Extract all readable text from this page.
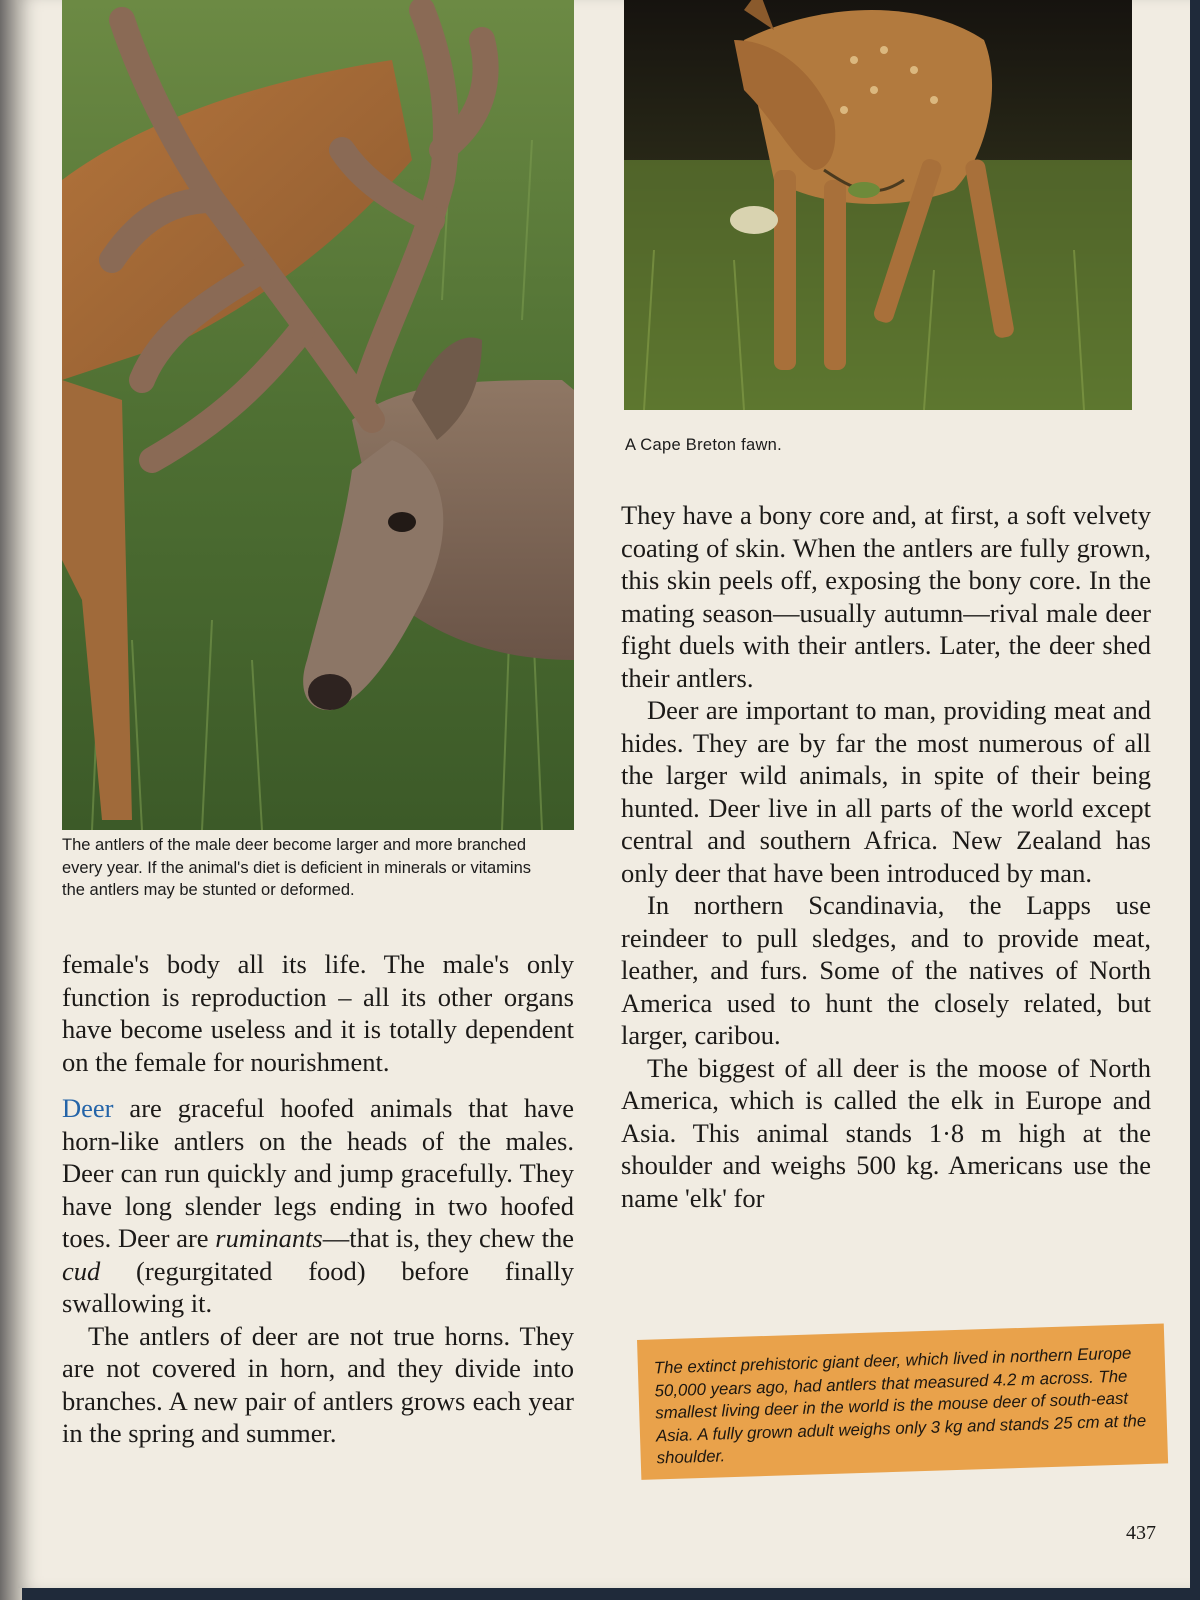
The antlers of the male deer become larger and more branched every year. If the animal's diet is deficient in minerals or vitamins the antlers may be stunted or deformed.
A Cape Breton fawn.

female's body all its life. The male's only function is reproduction – all its other organs have become useless and it is totally dependent on the female for nourishment.

Deer are graceful hoofed animals that have horn-like antlers on the heads of the males. Deer can run quickly and jump gracefully. They have long slender legs ending in two hoofed toes. Deer are ruminants—that is, they chew the cud (regurgitated food) before finally swallowing it.

The antlers of deer are not true horns. They are not covered in horn, and they divide into branches. A new pair of antlers grows each year in the spring and summer.

They have a bony core and, at first, a soft velvety coating of skin. When the antlers are fully grown, this skin peels off, exposing the bony core. In the mating season—usually autumn—rival male deer fight duels with their antlers. Later, the deer shed their antlers.

Deer are important to man, providing meat and hides. They are by far the most numerous of all the larger wild animals, in spite of their being hunted. Deer live in all parts of the world except central and southern Africa. New Zealand has only deer that have been introduced by man.

In northern Scandinavia, the Lapps use reindeer to pull sledges, and to provide meat, leather, and furs. Some of the natives of North America used to hunt the closely related, but larger, caribou.

The biggest of all deer is the moose of North America, which is called the elk in Europe and Asia. This animal stands 1·8 m high at the shoulder and weighs 500 kg. Americans use the name 'elk' for

The extinct prehistoric giant deer, which lived in northern Europe 50,000 years ago, had antlers that measured 4.2 m across. The smallest living deer in the world is the mouse deer of south-east Asia. A fully grown adult weighs only 3 kg and stands 25 cm at the shoulder.

437
